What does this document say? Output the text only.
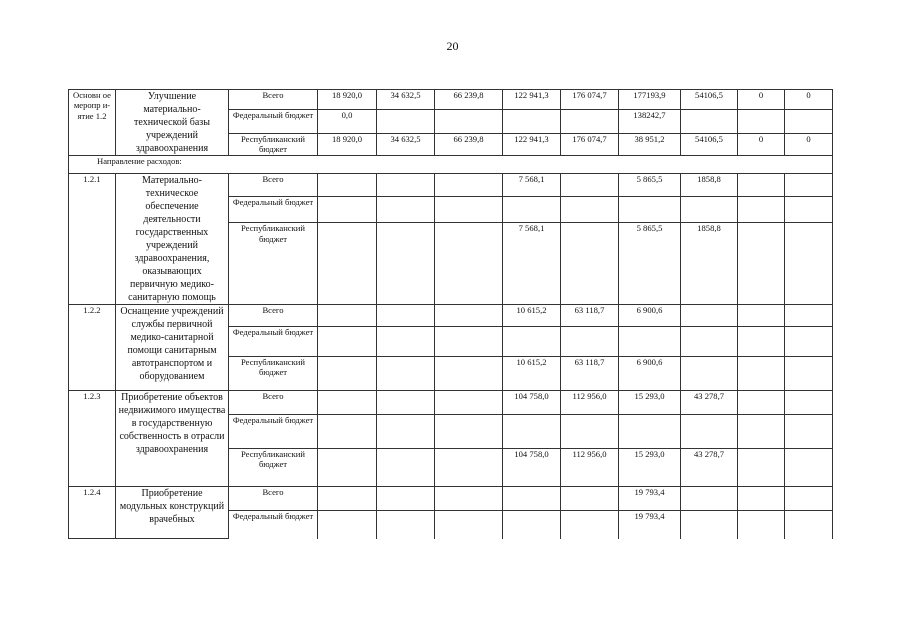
20
Основн ое меропр и-ятие 1.2	Улучшение материально-технической базы учреждений здравоохранения	Всего	18 920,0	34 632,5	66 239,8	122 941,3	176 074,7	177193,9	54106,5	0	0
		Федеральный бюджет	0,0					138242,7			
		Республиканский бюджет	18 920,0	34 632,5	66 239,8	122 941,3	176 074,7	38 951,2	54106,5	0	0
Направление расходов:											
1.2.1	Материально-техническое обеспечение деятельности государственных учреждений здравоохранения, оказывающих первичную медико-санитарную помощь	Всего				7 568,1		5 865,5	1858,8		
		Федеральный бюджет									
		Республиканский бюджет				7 568,1		5 865,5	1858,8		
1.2.2	Оснащение учреждений службы первичной медико-санитарной помощи санитарным автотранспортом и оборудованием	Всего				10 615,2	63 118,7	6 900,6			
		Федеральный бюджет									
		Республиканский бюджет				10 615,2	63 118,7	6 900,6			
1.2.3	Приобретение объектов недвижимого имущества в государственную собственность в отрасли здравоохранения	Всего				104 758,0	112 956,0	15 293,0	43 278,7		
		Федеральный бюджет									
		Республиканский бюджет				104 758,0	112 956,0	15 293,0	43 278,7		
1.2.4	Приобретение модульных конструкций врачебных	Всего						19 793,4			
		Федеральный бюджет						19 793,4			
